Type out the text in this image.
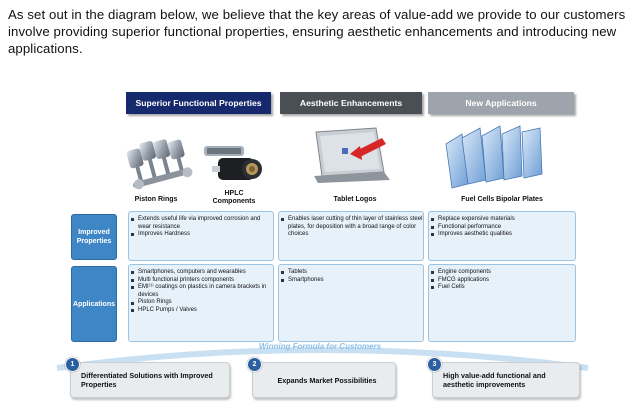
As set out in the diagram below, we believe that the key areas of value-add we provide to our customers involve providing superior functional properties, ensuring aesthetic enhancements and introducing new applications.
Superior Functional Properties	Aesthetic Enhancements	New Applications
Piston Rings
HPLC Components	Tablet Logos	Fuel Cells Bipolar Plates
Improved Properties
Extends useful life via improved corrosion and wear resistance
Improves Hardness
Enables laser cutting of thin layer of stainless steel plates, for deposition with a broad range of color choices
Replace expensive materials
Functional performance
Improves aesthetic qualities
Applications
Smartphones, computers and wearables
Multi functional printers components
EMI⁽¹⁾ coatings on plastics in camera brackets in devices
Piston Rings
HPLC Pumps / Valves
Tablets
Smartphones
Engine components
FMCG applications
Fuel Cells
Winning Formula for Customers
1
Differentiated Solutions with Improved Properties
2
Expands Market Possibilities
3
High value-add functional and aesthetic improvements
